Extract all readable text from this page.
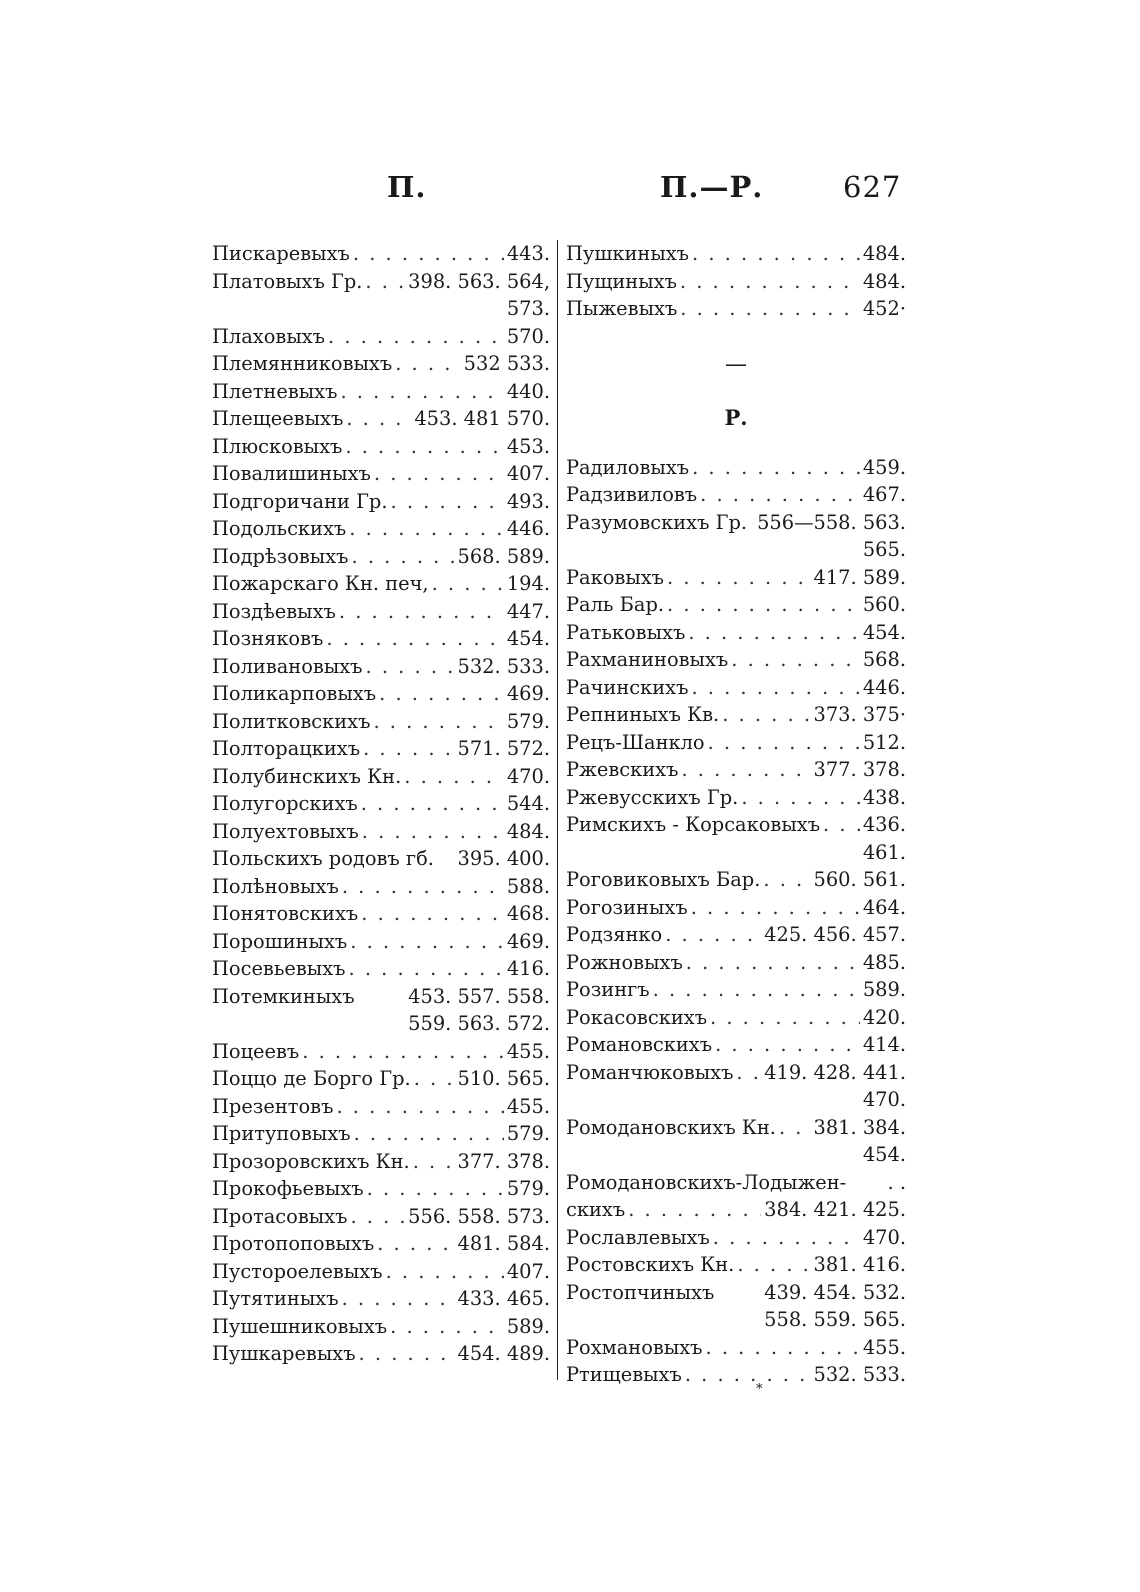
П.	П.—Р.	627
Пискаревыхъ . . .	443.
Платовыхъ Гр. . . . 398. 563. 564,
573.
Плаховыхъ . . .	570.
Племянниковыхъ . . .	532 533.
Плетневыхъ . . .	440.
Плещеевыхъ . . .	453. 481 570.
Плюсковыхъ . . .	453.
Повалишиныхъ . . .	407.
Подгоричани Гр. . . .	493.
Подольскихъ . . .	446.
Подрѣзовыхъ . . .	568. 589.
Пожарскаго Кн. печ, . . .	194.
Поздѣевыхъ . . .	447.
Позняковъ . . .	454.
Поливановыхъ . . .	532. 533.
Поликарповыхъ . . .	469.
Политковскихъ . . .	579.
Полторацкихъ . . .	571. 572.
Полубинскихъ Кн. . . .	470.
Полугорскихъ . . .	544.
Полуехтовыхъ . . .	484.
Польскихъ родовъ гб. 395. 400.
Полѣновыхъ . . .	588.
Понятовскихъ . . .	468.
Порошиныхъ . . .	469.
Посевьевыхъ . . .	416.
Потемкиныхъ	453. 557. 558.
559. 563. 572.
Поцеевъ . . .	455.
Поццо де Борго Гр. . . . 510. 565.
Презентовъ . . .	455.
Притуповыхъ . . .	579.
Прозоровскихъ Кн. . . . 377. 378.
Прокофьевыхъ . . .	579.
Протасовыхъ . . .	556. 558. 573.
Протопоповыхъ . . .	481. 584.
Пустороелевыхъ . . .	407.
Путятиныхъ . . .	433. 465.
Пушешниковыхъ . . .	589.
Пушкаревыхъ . . .	454. 489.
Пушкиныхъ . . .	484.
Пущиныхъ . . .	484.
Пыжевыхъ . . .	452·
—
Р.
Радиловыхъ . . .	459.
Радзивиловъ . . .	467.
Разумовскихъ Гр. 556—558. 563.
565.
Раковыхъ . . .	417. 589.
Раль Бар. . . .	560.
Ратьковыхъ . . .	454.
Рахманиновыхъ . . .	568.
Рачинскихъ . . .	446.
Репниныхъ Кв. . . .	373. 375·
Рецъ-Шанкло . . .	512.
Ржевскихъ . . .	377. 378.
Ржевусскихъ Гр. . . .	438.
Римскихъ - Корсаковыхъ . . . 436.
461.
Роговиковыхъ Бар. . . .	560. 561.
Рогозиныхъ . . .	464.
Родзянко . . .	425. 456. 457.
Рожновыхъ . . .	485.
Розингъ . . .	589.
Рокасовскихъ . . .	420.
Романовскихъ . . .	414.
Романчюковыхъ . . . 419. 428. 441.
470.
Ромодановскихъ Кн. . . . 381. 384.
454.
Ромодановскихъ-Лодыжен- . .
скихъ . . .	384. 421. 425.
Рославлевыхъ . . .	470.
Ростовскихъ Кн. . . .	381. 416.
Ростопчиныхъ	439. 454. 532.
558. 559. 565.
Рохмановыхъ . . .	455.
Ртищевыхъ . . .	532. 533.
*
